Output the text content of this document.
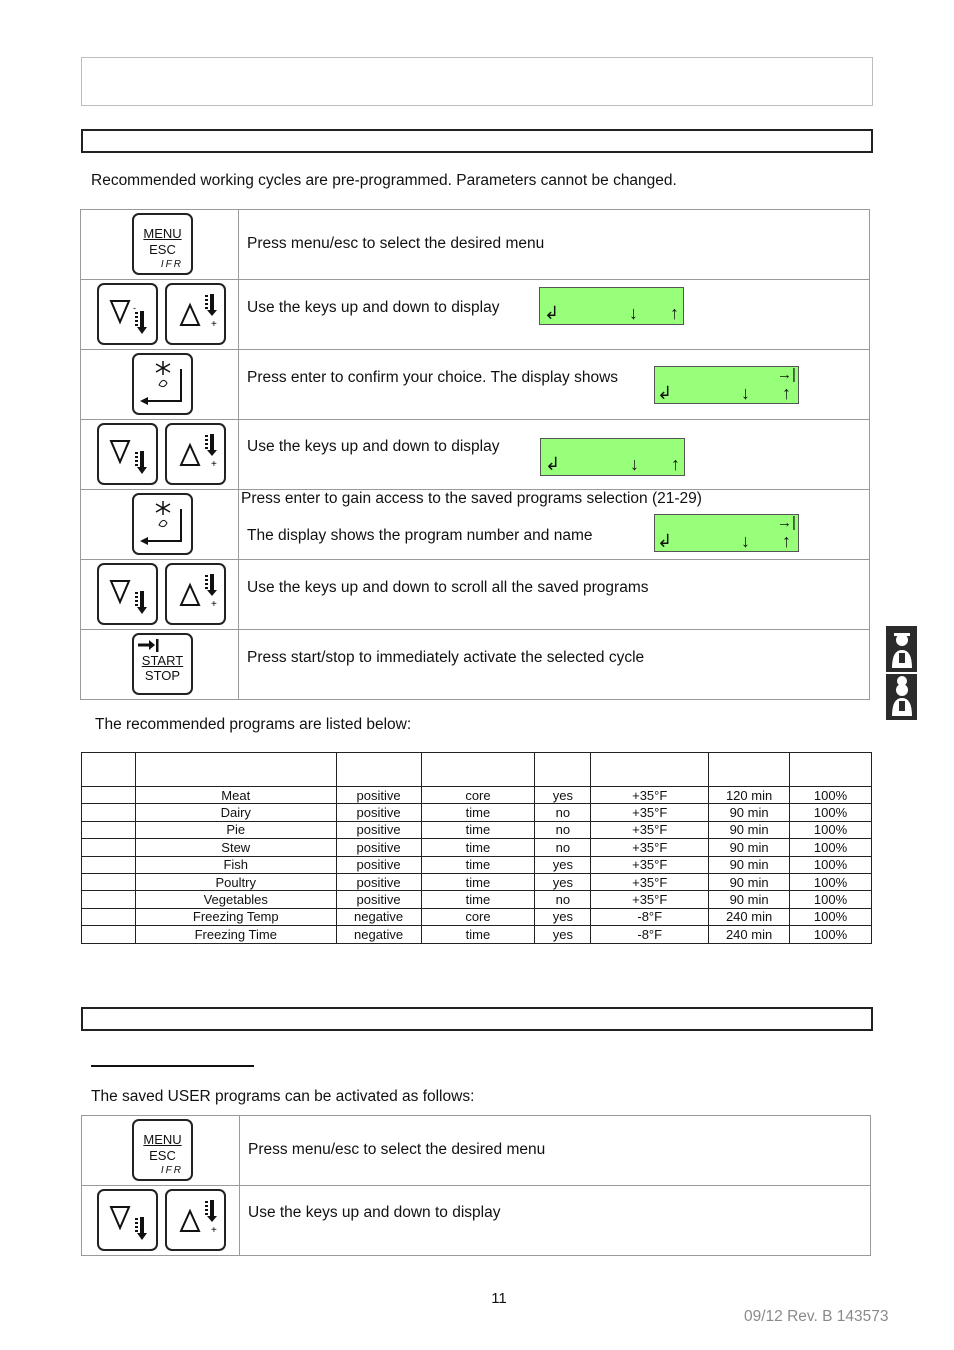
Recommended working cycles are pre-programmed. Parameters cannot be changed.
MENU
ESC
IFR
Press menu/esc to select the desired menu
-
+
Use the keys up and down to display ↲	↓ ↑
Press enter to confirm your choice. The display shows	→|
↲	↓ ↑
+
Use the keys up and down to display
↲	↓ ↑
Press enter to gain access to the saved programs selection (21-29)
The display shows the program number and name
→|
↲	↓ ↑
+
Use the keys up and down to scroll all the saved programs
START
STOP
Press start/stop to immediately activate the selected cycle
The recommended programs are listed below:

	Meat	positive	core	yes	+35°F	120 min	100%
	Dairy	positive	time	no	+35°F	90 min	100%
	Pie	positive	time	no	+35°F	90 min	100%
	Stew	positive	time	no	+35°F	90 min	100%
	Fish	positive	time	yes	+35°F	90 min	100%
	Poultry	positive	time	yes	+35°F	90 min	100%
	Vegetables	positive	time	no	+35°F	90 min	100%
	Freezing Temp	negative	core	yes	-8°F	240 min	100%
	Freezing Time	negative	time	yes	-8°F	240 min	100%
The saved USER programs can be activated as follows:
MENU
ESC
IFR
Press menu/esc to select the desired menu
+
Use the keys up and down to display
11
09/12 Rev. B 143573
